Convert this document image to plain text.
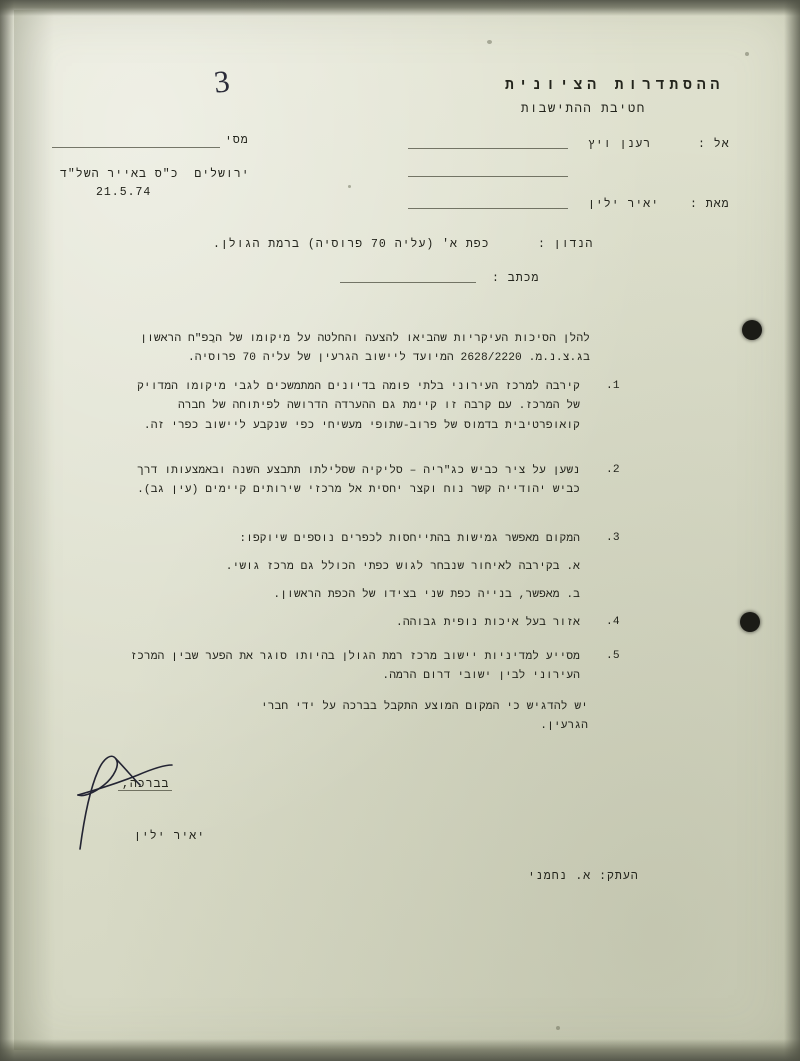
ההסתדרות הציונית
חטיבת ההתישבות
3
אל :
רענן ויץ
מאת :
יאיר ילין
מסי
ירושלים  כ"ס באייר השל"ד
21.5.74
הנדון :
כפת א' (עליה 70 פרוסיה) ברמת הגולן.
מכתב :
להלן הסיכות העיקריות שהביאו להצעה והחלטה על מיקומו של הכפ"ח הראשון בג.צ.נ.מ. 2628/2220 המיועד ליישוב הגרעין של עליה 70 פרוסיה.
1.
קירבה למרכז העירוני בלתי פומה בדיונים המתמשכים לגבי מיקומו המדויק של המרכז. עם קרבה זו קיימת גם ההערדה הדרושה לפיתוחה של חברה קואופרטיבית בדמוס של פרוב-שתופי מעשיחי כפי שנקבע ליישוב כפרי זה.
2.
נשען על ציר כביש כג"ריה – סליקיה שסלילתו תתבצע השנה ובאמצעותו דרך כביש יהודייה קשר נוח וקצר יחסית אל מרכזי שירותים קיימים (עין גב).
3.
המקום מאפשר גמישות בהתייחסות לכפרים נוספים שיוקפו:
א. בקירבה לאיחור שנבחר לגוש כפתי הכולל גם מרכז גושי.
ב. מאפשר, בנייה כפת שני בצידו של הכפת הראשון.
4.
אזור בעל איכות נופית גבוהה.
5.
מסייע למדיניות יישוב מרכז רמת הגולן בהיותו סוגר את הפער שבין המרכז העירוני לבין ישובי דרום הרמה.
יש להדגיש כי המקום המוצע התקבל בברכה על ידי חברי הגרעין.
בברכה,
יאיר ילין
העתק: א. נחמני
